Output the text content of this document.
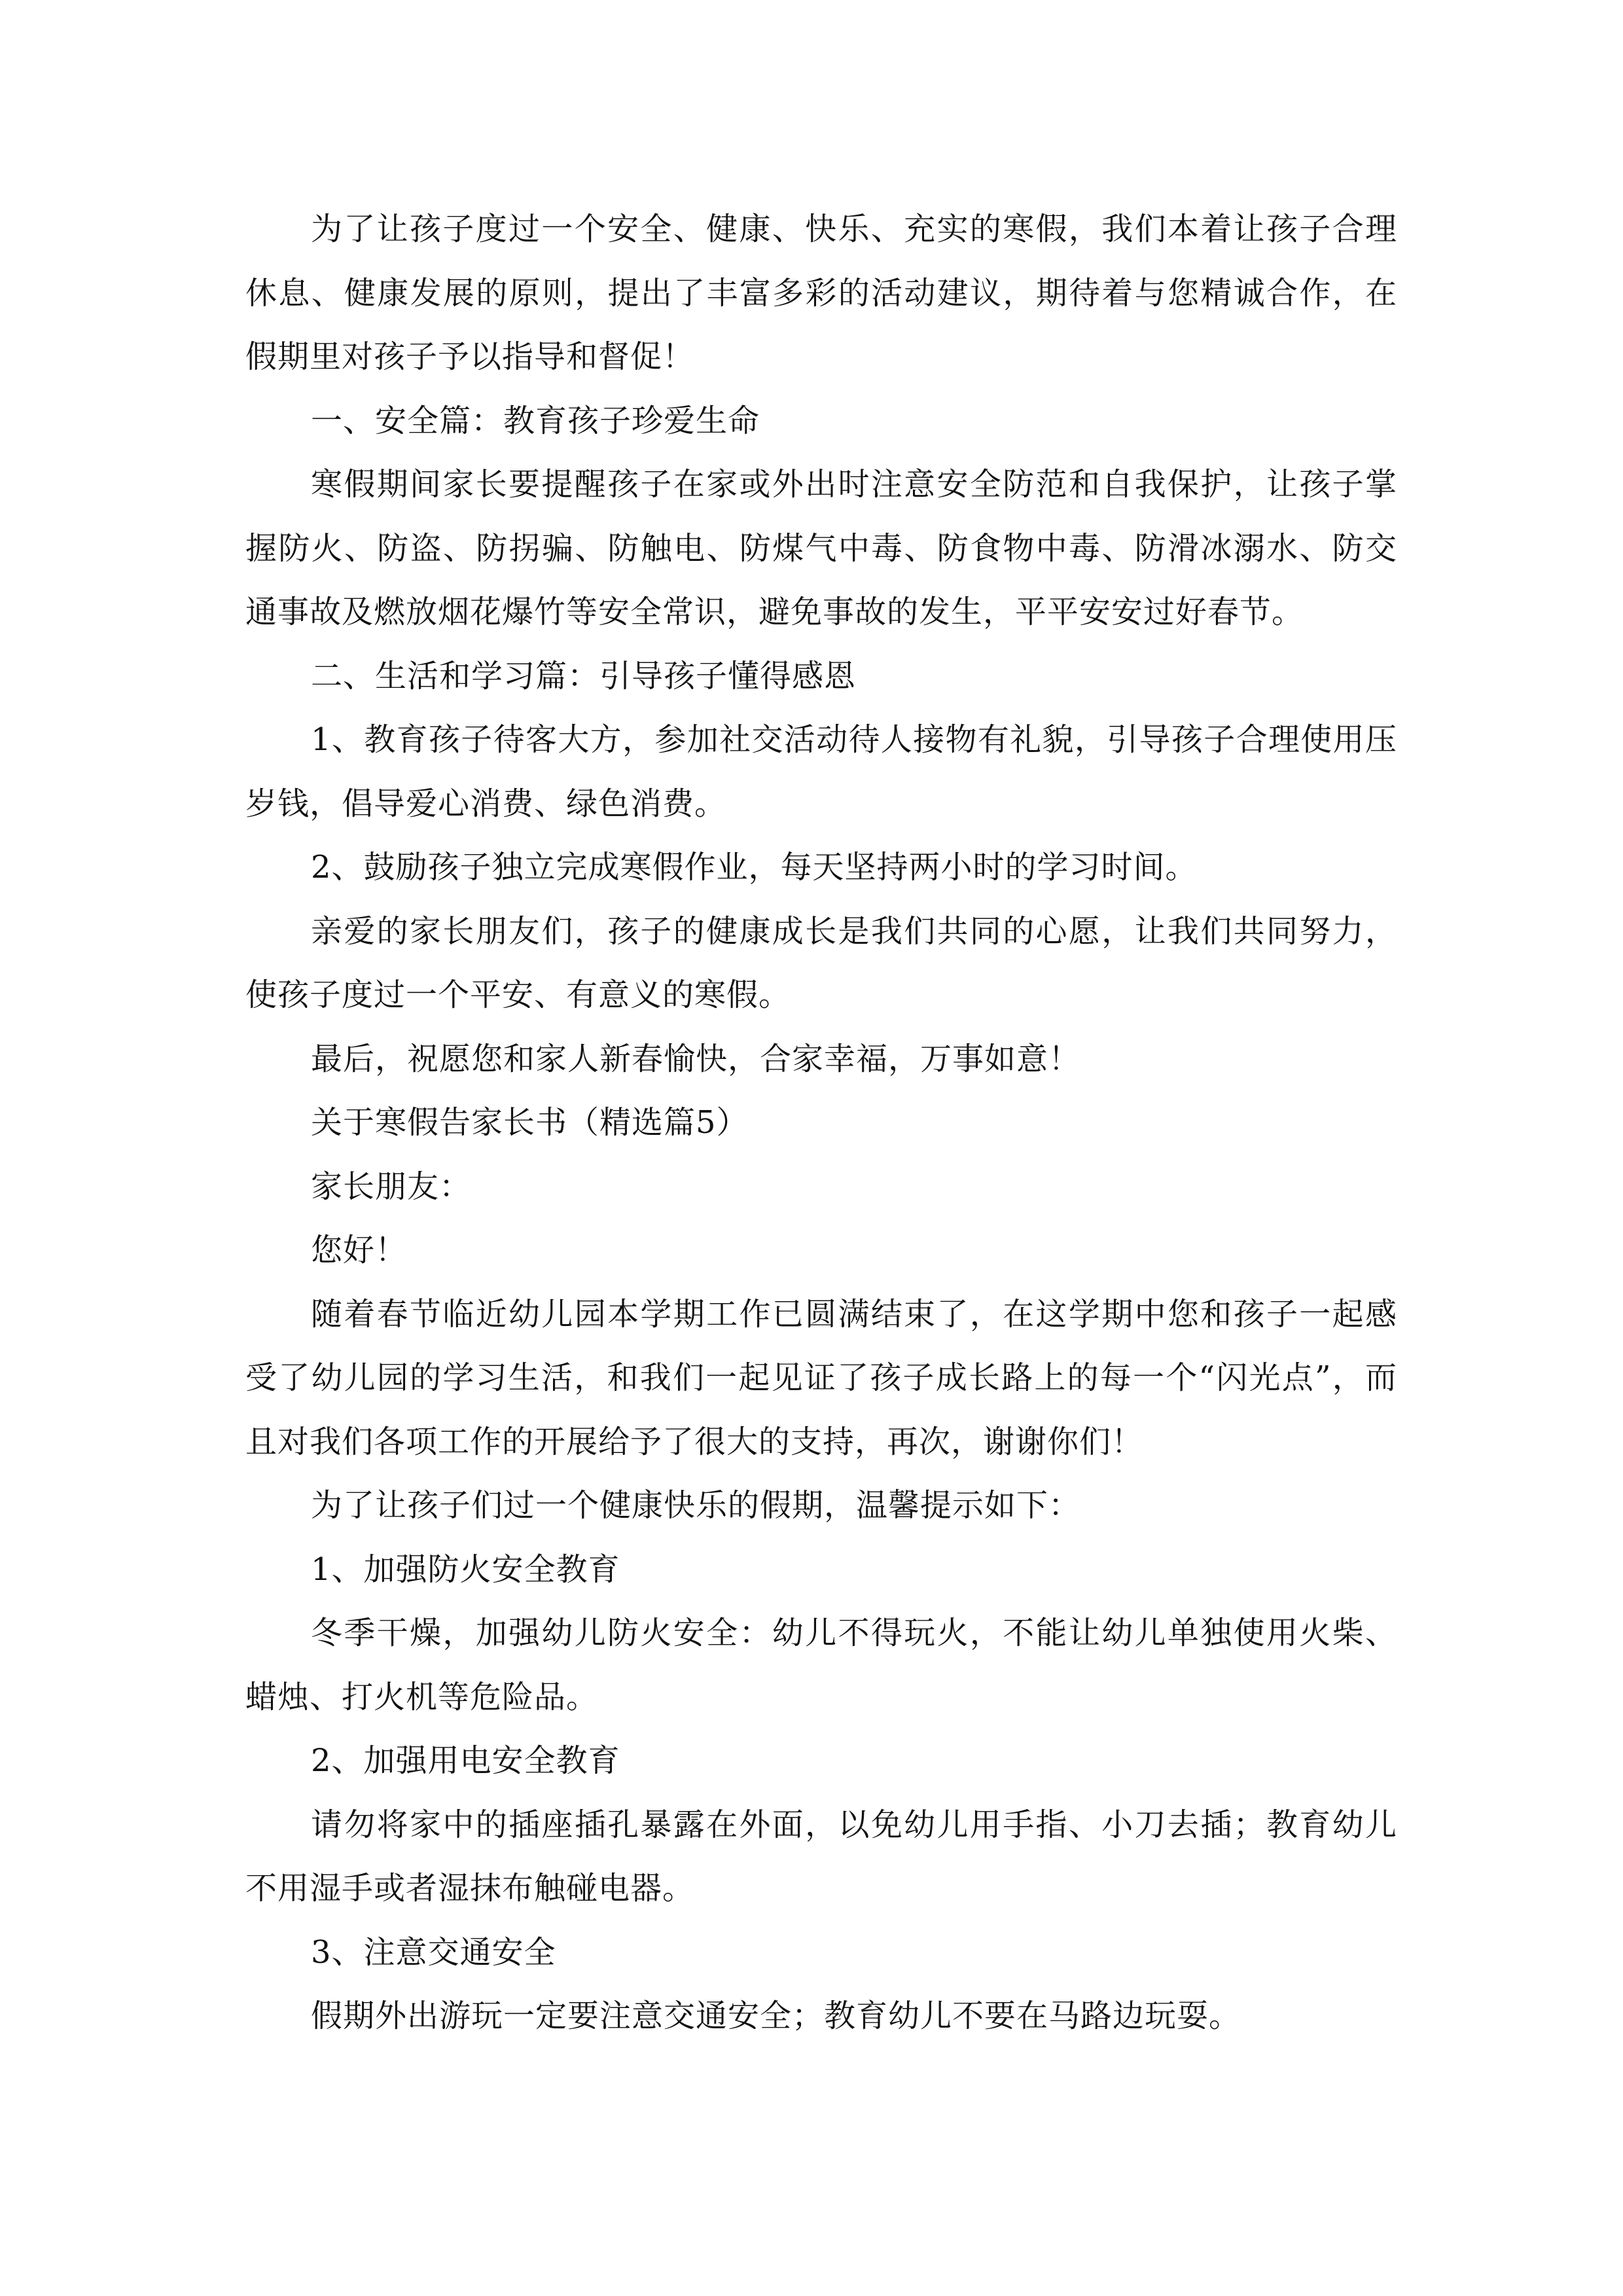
为了让孩子度过一个安全、健康、快乐、充实的寒假，我们本着让孩子合理休息、健康发展的原则，提出了丰富多彩的活动建议，期待着与您精诚合作，在假期里对孩子予以指导和督促！

一、安全篇：教育孩子珍爱生命

寒假期间家长要提醒孩子在家或外出时注意安全防范和自我保护，让孩子掌握防火、防盗、防拐骗、防触电、防煤气中毒、防食物中毒、防滑冰溺水、防交通事故及燃放烟花爆竹等安全常识，避免事故的发生，平平安安过好春节。

二、生活和学习篇：引导孩子懂得感恩

1、教育孩子待客大方，参加社交活动待人接物有礼貌，引导孩子合理使用压岁钱，倡导爱心消费、绿色消费。

2、鼓励孩子独立完成寒假作业，每天坚持两小时的学习时间。

亲爱的家长朋友们，孩子的健康成长是我们共同的心愿，让我们共同努力，使孩子度过一个平安、有意义的寒假。

最后，祝愿您和家人新春愉快，合家幸福，万事如意！

关于寒假告家长书（精选篇5）

家长朋友：

您好！

随着春节临近幼儿园本学期工作已圆满结束了，在这学期中您和孩子一起感受了幼儿园的学习生活，和我们一起见证了孩子成长路上的每一个“闪光点”，而且对我们各项工作的开展给予了很大的支持，再次，谢谢你们！

为了让孩子们过一个健康快乐的假期，温馨提示如下：

1、加强防火安全教育

冬季干燥，加强幼儿防火安全：幼儿不得玩火，不能让幼儿单独使用火柴、蜡烛、打火机等危险品。

2、加强用电安全教育

请勿将家中的插座插孔暴露在外面，以免幼儿用手指、小刀去插；教育幼儿不用湿手或者湿抹布触碰电器。

3、注意交通安全

假期外出游玩一定要注意交通安全；教育幼儿不要在马路边玩耍。
